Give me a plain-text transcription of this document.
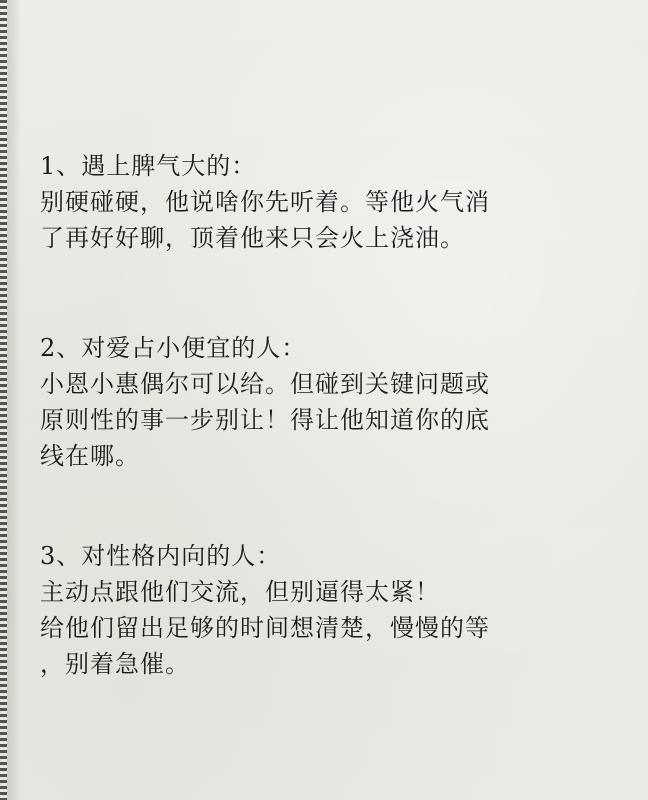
1、遇上脾气大的：

别硬碰硬，他说啥你先听着。等他火气消

了再好好聊，顶着他来只会火上浇油。

2、对爱占小便宜的人：

小恩小惠偶尔可以给。但碰到关键问题或

原则性的事一步别让！得让他知道你的底

线在哪。

3、对性格内向的人：

主动点跟他们交流，但别逼得太紧！

给他们留出足够的时间想清楚，慢慢的等

，别着急催。
